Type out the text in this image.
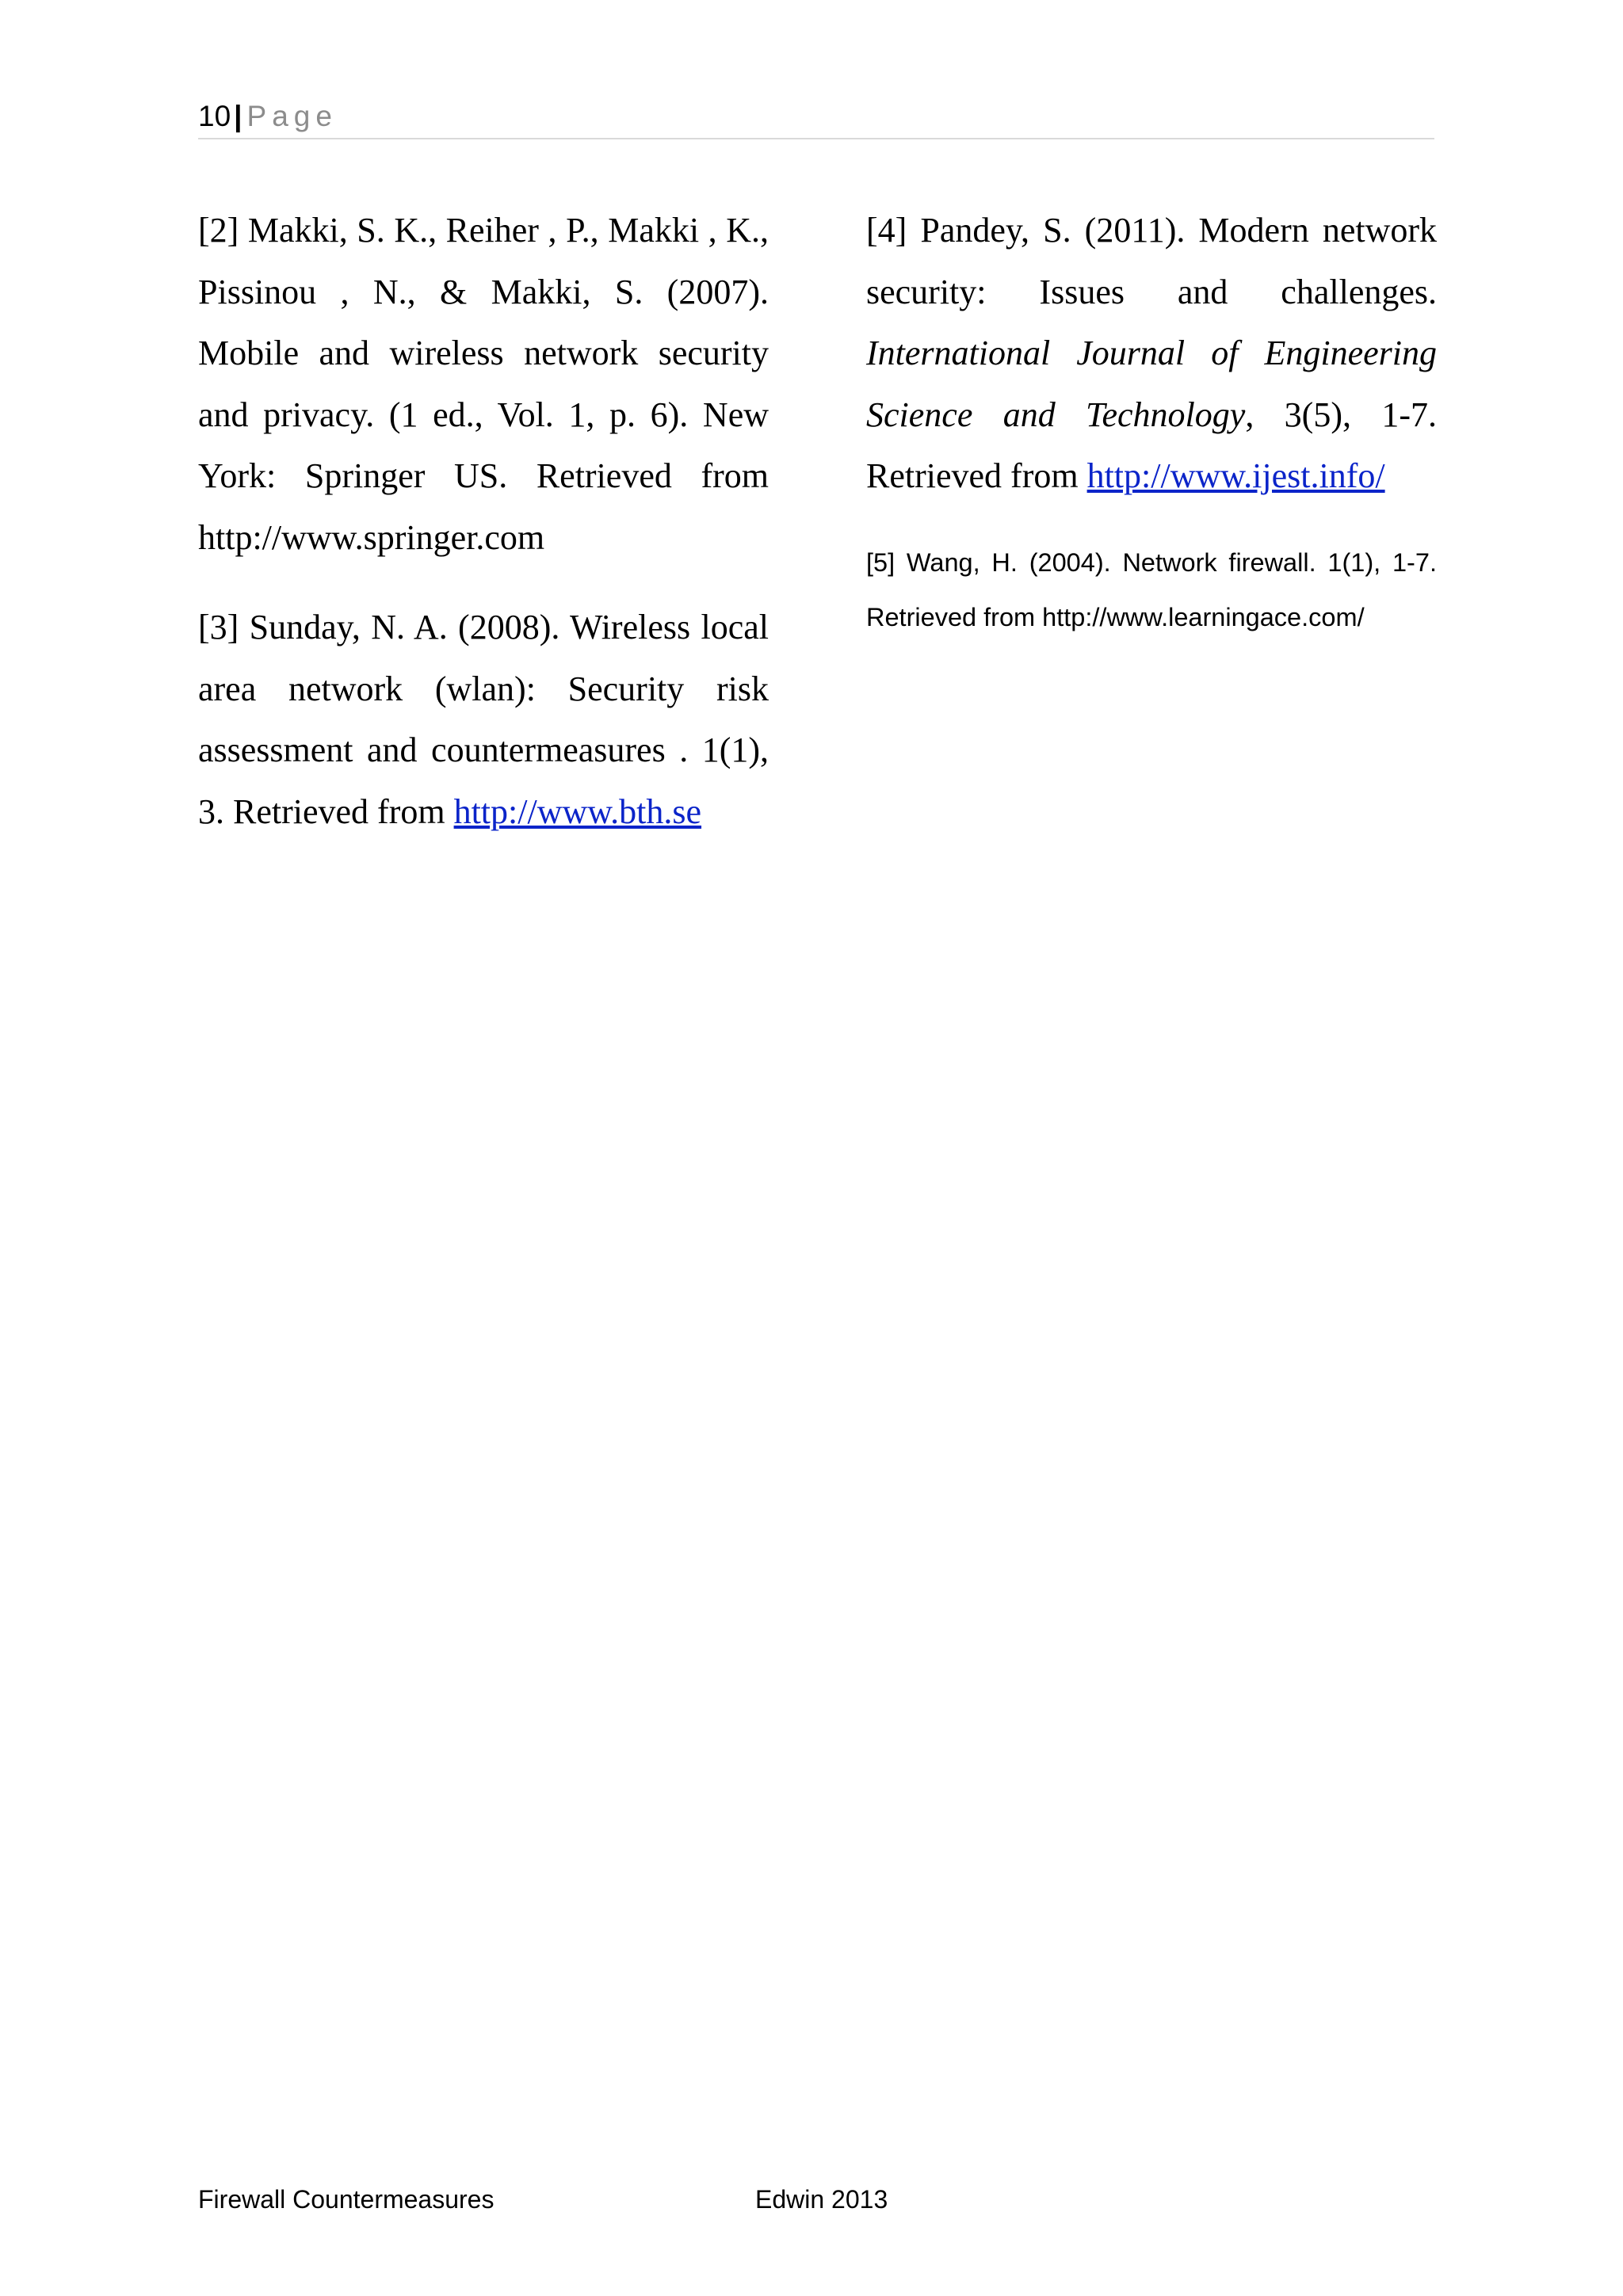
10 | Page

[2] Makki, S. K., Reiher , P., Makki , K., Pissinou , N., & Makki, S. (2007). Mobile and wireless network security and privacy. (1 ed., Vol. 1, p. 6). New York: Springer US. Retrieved from http://www.springer.com

[3] Sunday, N. A. (2008). Wireless local area network (wlan): Security risk assessment and countermeasures . 1(1), 3. Retrieved from http://www.bth.se

[4] Pandey, S. (2011). Modern network security: Issues and challenges. International Journal of Engineering Science and Technology, 3(5), 1-7. Retrieved from http://www.ijest.info/

[5] Wang, H. (2004). Network firewall. 1(1), 1-7. Retrieved from http://www.learningace.com/

Firewall Countermeasures	Edwin 2013
